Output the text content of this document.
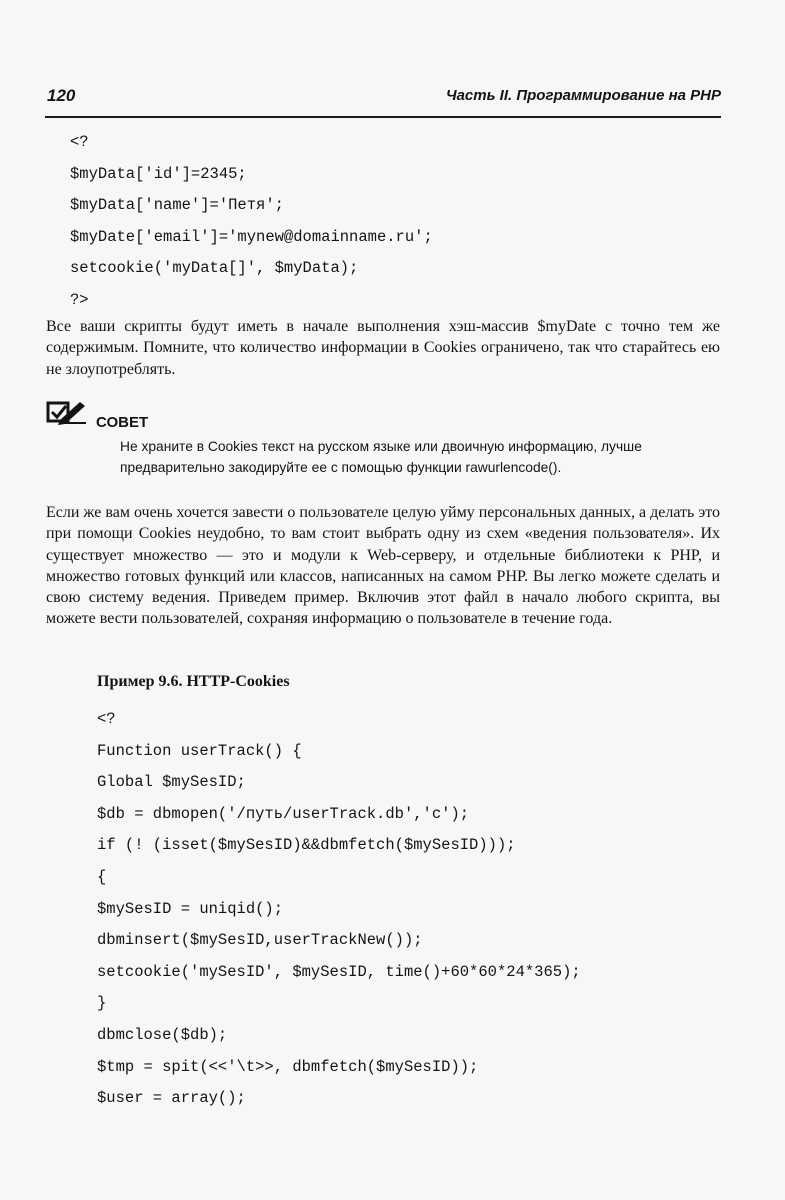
120	Часть II. Программирование на PHP
<?
$myData['id']=2345;
$myData['name']='Петя';
$myDate['email']='mynew@domainname.ru';
setcookie('myData[]', $myData);
?>
Все ваши скрипты будут иметь в начале выполнения хэш-массив $myDate с точно тем же содержимым. Помните, что количество информации в Cookies ограничено, так что старайтесь ею не злоупотреблять.
СОВЕТ
Не храните в Cookies текст на русском языке или двоичную информацию, лучше предварительно закодируйте ее с помощью функции rawurlencode().
Если же вам очень хочется завести о пользователе целую уйму персональных данных, а делать это при помощи Cookies неудобно, то вам стоит выбрать одну из схем «ведения пользователя». Их существует множество — это и модули к Web-серверу, и отдельные библиотеки к PHP, и множество готовых функций или классов, написанных на самом PHP. Вы легко можете сделать и свою систему ведения. Приведем пример. Включив этот файл в начало любого скрипта, вы можете вести пользователей, сохраняя информацию о пользователе в течение года.
Пример 9.6. HTTP-Cookies
<?
Function userTrack() {
Global $mySesID;
$db = dbmopen('/путь/userTrack.db','c');
if (! (isset($mySesID)&&dbmfetch($mySesID)));
{
$mySesID = uniqid();
dbminsert($mySesID,userTrackNew());
setcookie('mySesID', $mySesID, time()+60*60*24*365);
}
dbmclose($db);
$tmp = spit(<<'\t>>, dbmfetch($mySesID));
$user = array();
